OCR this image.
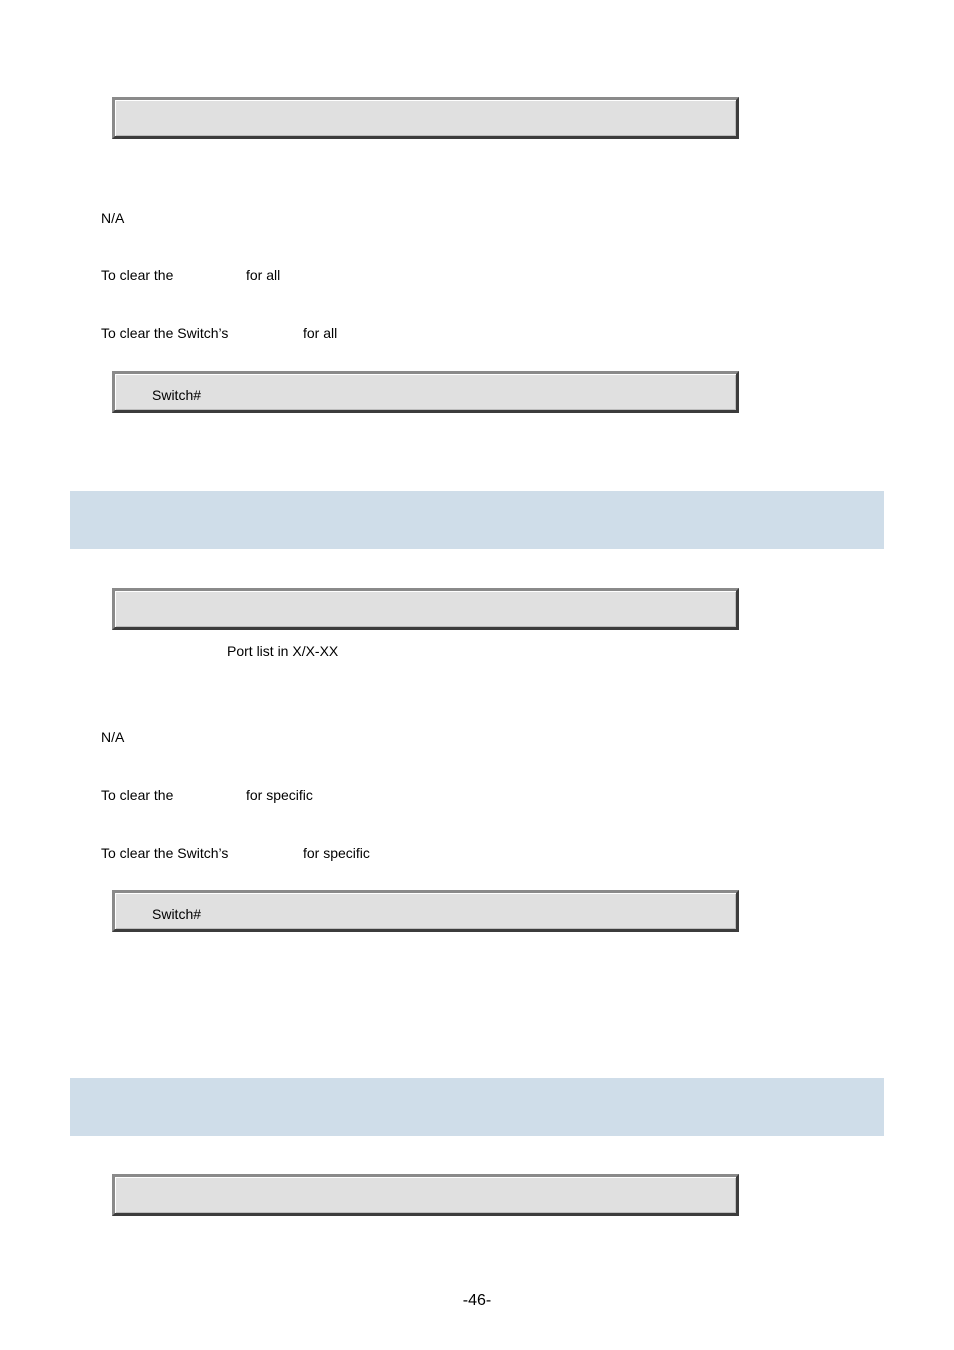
N/A
To clear the	for all
To clear the Switch’s	for all
Switch#
Port list in X/X-XX
N/A
To clear the	for specific
To clear the Switch’s	for specific
Switch#
-46-
